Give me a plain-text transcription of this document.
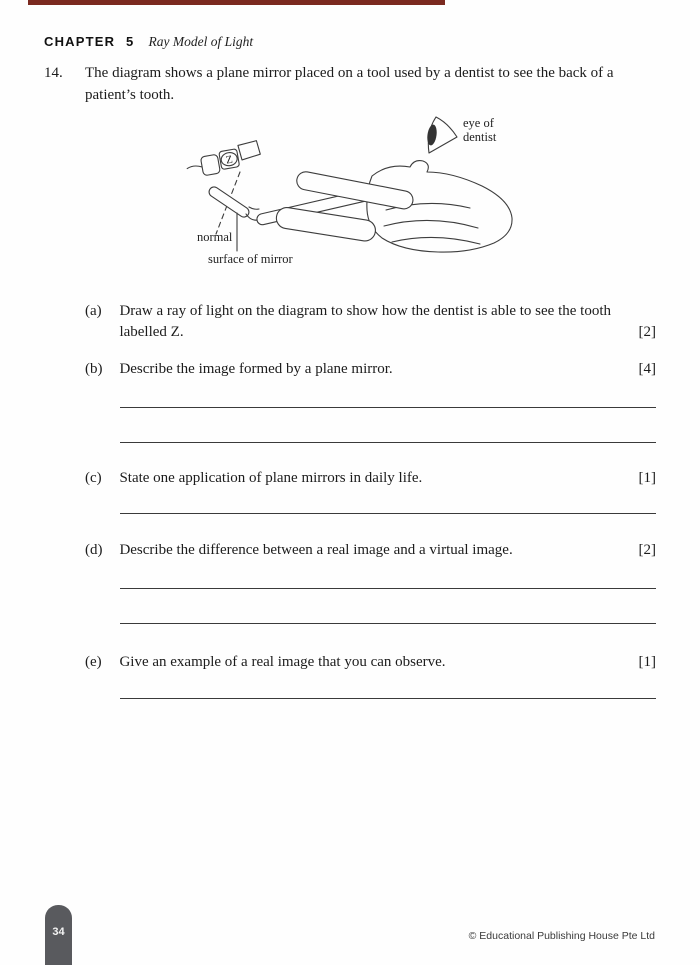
CHAPTER 5 Ray Model of Light
14.	The diagram shows a plane mirror placed on a tool used by a dentist to see the back of a patient’s tooth.
Z
eye of
dentist
normal
surface of mirror
(a)	Draw a ray of light on the diagram to show how the dentist is able to see the tooth labelled Z.	[2]
(b)	Describe the image formed by a plane mirror.	[4]
(c)	State one application of plane mirrors in daily life.	[1]
(d)	Describe the difference between a real image and a virtual image.	[2]
(e)	Give an example of a real image that you can observe.	[1]
34	© Educational Publishing House Pte Ltd
